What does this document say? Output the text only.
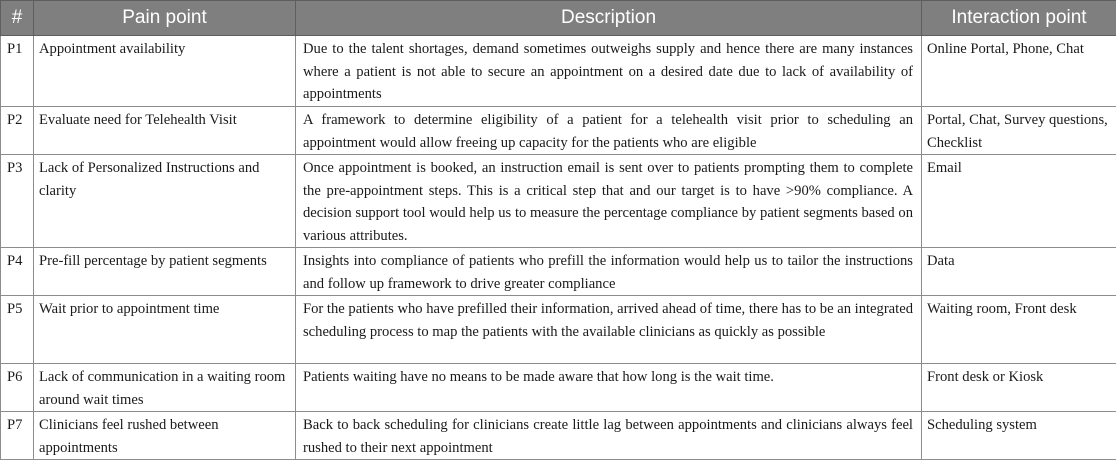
#	Pain point	Description	Interaction point
P1	Appointment availability	Due to the talent shortages, demand sometimes outweighs supply and hence there are many instances where a patient is not able to secure an appointment on a desired date due to lack of availability of appointments	Online Portal, Phone, Chat
P2	Evaluate need for Telehealth Visit	A framework to determine eligibility of a patient for a telehealth visit prior to scheduling an appointment would allow freeing up capacity for the patients who are eligible	Portal, Chat, Survey questions, Checklist
P3	Lack of Personalized Instructions and clarity	Once appointment is booked, an instruction email is sent over to patients prompting them to complete the pre-appointment steps. This is a critical step that and our target is to have >90% compliance. A decision support tool would help us to measure the percentage compliance by patient segments based on various attributes.	Email
P4	Pre-fill percentage by patient segments	Insights into compliance of patients who prefill the information would help us to tailor the instructions and follow up framework to drive greater compliance	Data
P5	Wait prior to appointment time	For the patients who have prefilled their information, arrived ahead of time, there has to be an integrated scheduling process to map the patients with the available clinicians as quickly as possible	Waiting room, Front desk
P6	Lack of communication in a waiting room around wait times	Patients waiting have no means to be made aware that how long is the wait time.	Front desk or Kiosk
P7	Clinicians feel rushed between appointments	Back to back scheduling for clinicians create little lag between appointments and clinicians always feel rushed to their next appointment	Scheduling system
